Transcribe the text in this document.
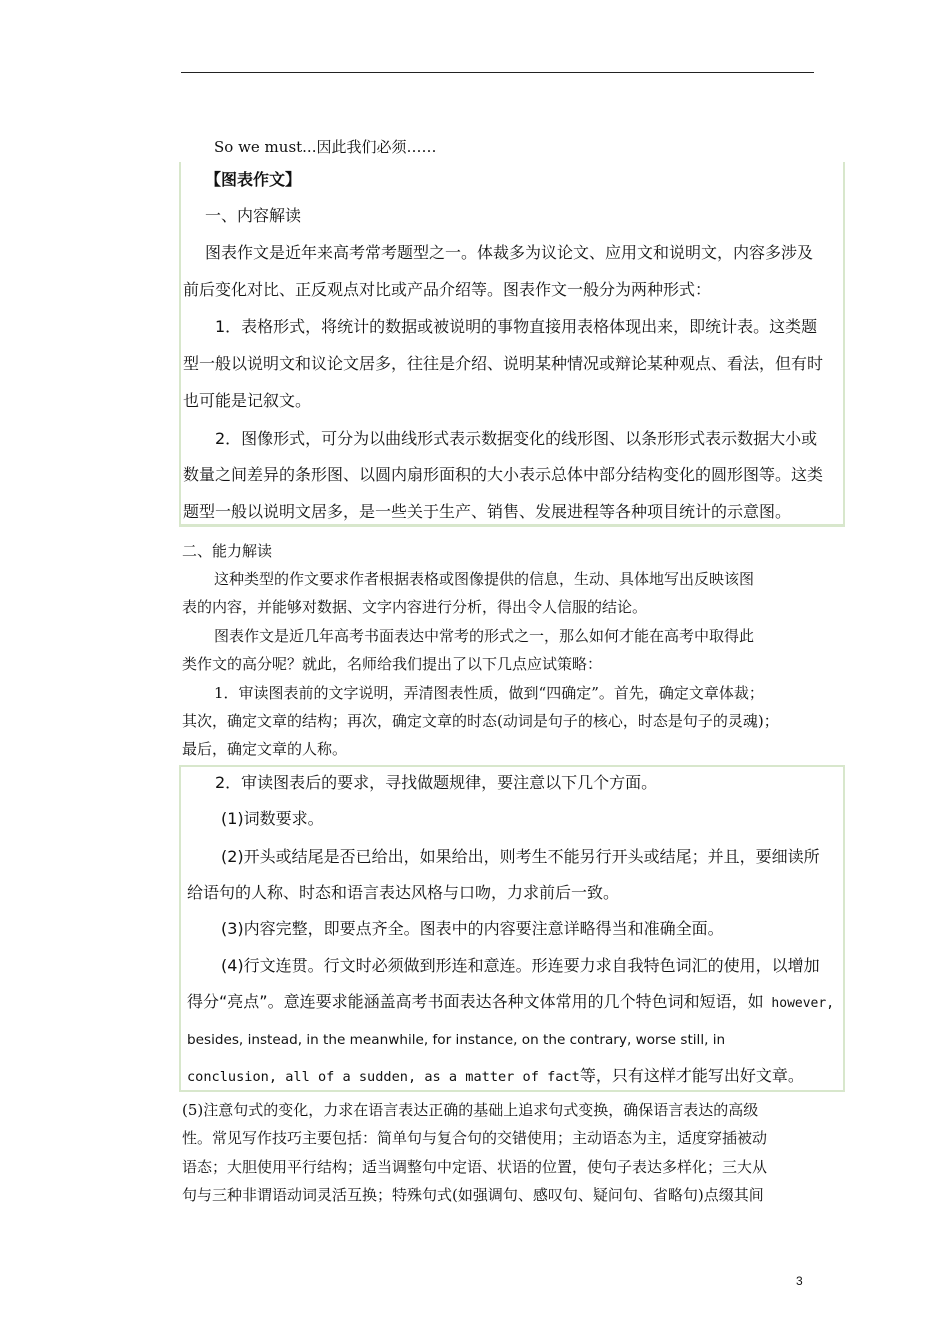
So we must...因此我们必须……
【图表作文】
一、内容解读
图表作文是近年来高考常考题型之一。体裁多为议论文、应用文和说明文，内容多涉及
前后变化对比、正反观点对比或产品介绍等。图表作文一般分为两种形式：
1．表格形式，将统计的数据或被说明的事物直接用表格体现出来，即统计表。这类题
型一般以说明文和议论文居多，往往是介绍、说明某种情况或辩论某种观点、看法，但有时
也可能是记叙文。
2．图像形式，可分为以曲线形式表示数据变化的线形图、以条形形式表示数据大小或
数量之间差异的条形图、以圆内扇形面积的大小表示总体中部分结构变化的圆形图等。这类
题型一般以说明文居多，是一些关于生产、销售、发展进程等各种项目统计的示意图。
二、能力解读
这种类型的作文要求作者根据表格或图像提供的信息，生动、具体地写出反映该图
表的内容，并能够对数据、文字内容进行分析，得出令人信服的结论。
图表作文是近几年高考书面表达中常考的形式之一，那么如何才能在高考中取得此
类作文的高分呢？就此，名师给我们提出了以下几点应试策略：
1．审读图表前的文字说明，弄清图表性质，做到“四确定”。首先，确定文章体裁；
其次，确定文章的结构；再次，确定文章的时态(动词是句子的核心，时态是句子的灵魂)；
最后，确定文章的人称。
2．审读图表后的要求，寻找做题规律，要注意以下几个方面。
(1)词数要求。
(2)开头或结尾是否已给出，如果给出，则考生不能另行开头或结尾；并且，要细读所
给语句的人称、时态和语言表达风格与口吻，力求前后一致。
(3)内容完整，即要点齐全。图表中的内容要注意详略得当和准确全面。
(4)行文连贯。行文时必须做到形连和意连。形连要力求自我特色词汇的使用，以增加
得分“亮点”。意连要求能涵盖高考书面表达各种文体常用的几个特色词和短语，如 however,
besides, instead, in the meanwhile, for instance, on the contrary, worse still, in
conclusion, all of a sudden, as a matter of fact等，只有这样才能写出好文章。
(5)注意句式的变化，力求在语言表达正确的基础上追求句式变换，确保语言表达的高级
性。常见写作技巧主要包括：简单句与复合句的交错使用；主动语态为主，适度穿插被动
语态；大胆使用平行结构；适当调整句中定语、状语的位置，使句子表达多样化；三大从
句与三种非谓语动词灵活互换；特殊句式(如强调句、感叹句、疑问句、省略句)点缀其间
3
